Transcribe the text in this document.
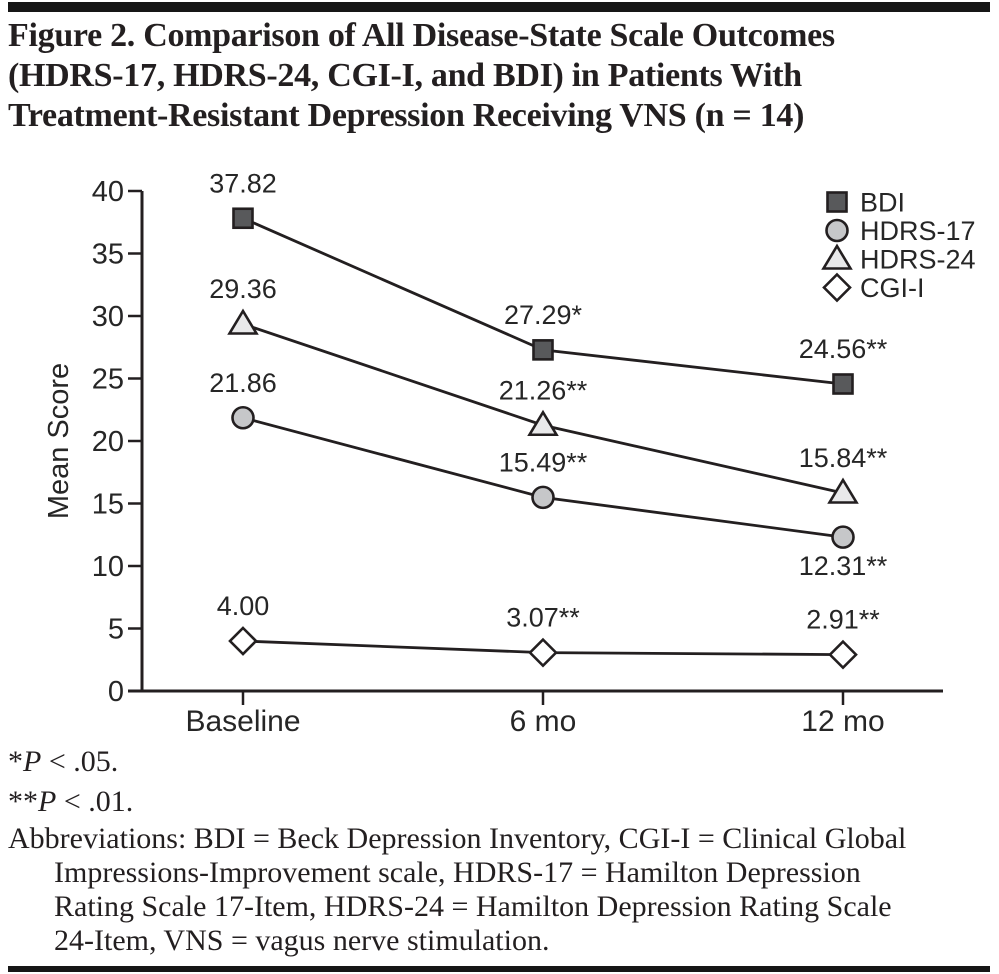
Figure 2. Comparison of All Disease-State Scale Outcomes
(HDRS-17, HDRS-24, CGI-I, and BDI) in Patients With
Treatment-Resistant Depression Receiving VNS (n = 14)
0
5
10
15
20
25
30
35
40
Baseline	6 mo	12 mo
Mean Score
37.82
27.29*
24.56**
21.86
15.49**
12.31**
29.36
21.26**
15.84**
4.00	3.07**	2.91**
BDI
HDRS-17
HDRS-24
CGI-I
*P < .05.
**P < .01.
Abbreviations: BDI = Beck Depression Inventory, CGI-I = Clinical Global
Impressions-Improvement scale, HDRS-17 = Hamilton Depression
Rating Scale 17-Item, HDRS-24 = Hamilton Depression Rating Scale
24-Item, VNS = vagus nerve stimulation.
